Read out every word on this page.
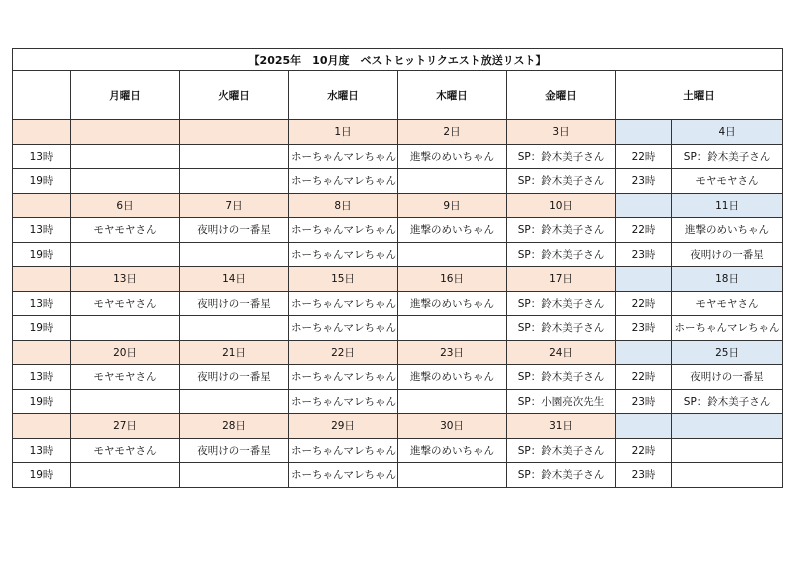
【2025年　10月度　ベストヒットリクエスト放送リスト】							
	月曜日	火曜日	水曜日	木曜日	金曜日	土曜日	
			1日	2日	3日		4日
13時			ホーちゃんマレちゃん	進撃のめいちゃん	SP：鈴木美子さん	22時	SP：鈴木美子さん
19時			ホーちゃんマレちゃん		SP：鈴木美子さん	23時	モヤモヤさん
	6日	7日	8日	9日	10日		11日
13時	モヤモヤさん	夜明けの一番星	ホーちゃんマレちゃん	進撃のめいちゃん	SP：鈴木美子さん	22時	進撃のめいちゃん
19時			ホーちゃんマレちゃん		SP：鈴木美子さん	23時	夜明けの一番星
	13日	14日	15日	16日	17日		18日
13時	モヤモヤさん	夜明けの一番星	ホーちゃんマレちゃん	進撃のめいちゃん	SP：鈴木美子さん	22時	モヤモヤさん
19時			ホーちゃんマレちゃん		SP：鈴木美子さん	23時	ホーちゃんマレちゃん
	20日	21日	22日	23日	24日		25日
13時	モヤモヤさん	夜明けの一番星	ホーちゃんマレちゃん	進撃のめいちゃん	SP：鈴木美子さん	22時	夜明けの一番星
19時			ホーちゃんマレちゃん		SP：小園亮次先生	23時	SP：鈴木美子さん
	27日	28日	29日	30日	31日		
13時	モヤモヤさん	夜明けの一番星	ホーちゃんマレちゃん	進撃のめいちゃん	SP：鈴木美子さん	22時	
19時			ホーちゃんマレちゃん		SP：鈴木美子さん	23時	
